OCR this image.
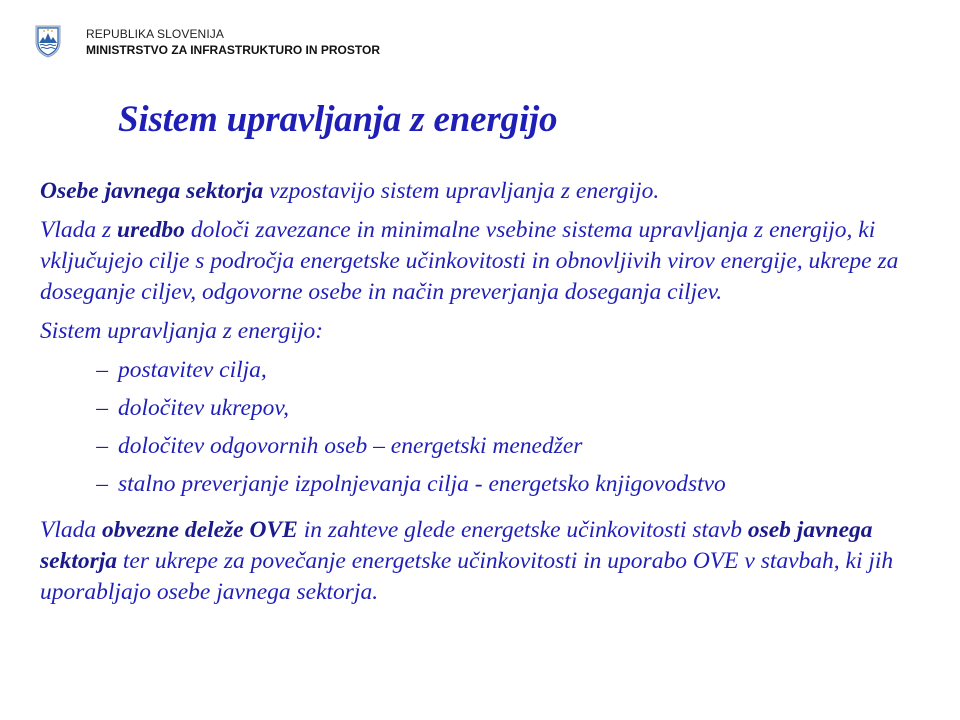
REPUBLIKA SLOVENIJA
MINISTRSTVO ZA INFRASTRUKTURO IN PROSTOR
Sistem upravljanja z energijo

Osebe javnega sektorja vzpostavijo sistem upravljanja z energijo.

Vlada z uredbo določi zavezance in minimalne vsebine sistema upravljanja z energijo, ki vključujejo cilje s področja energetske učinkovitosti in obnovljivih virov energije, ukrepe za doseganje ciljev, odgovorne osebe in način preverjanja doseganja ciljev.

Sistem upravljanja z energijo:

– postavitev cilja,
– določitev ukrepov,
– določitev odgovornih oseb – energetski menedžer
– stalno preverjanje izpolnjevanja cilja - energetsko knjigovodstvo

Vlada obvezne deleže OVE in zahteve glede energetske učinkovitosti stavb oseb javnega sektorja ter ukrepe za povečanje energetske učinkovitosti in uporabo OVE v stavbah, ki jih uporabljajo osebe javnega sektorja.
